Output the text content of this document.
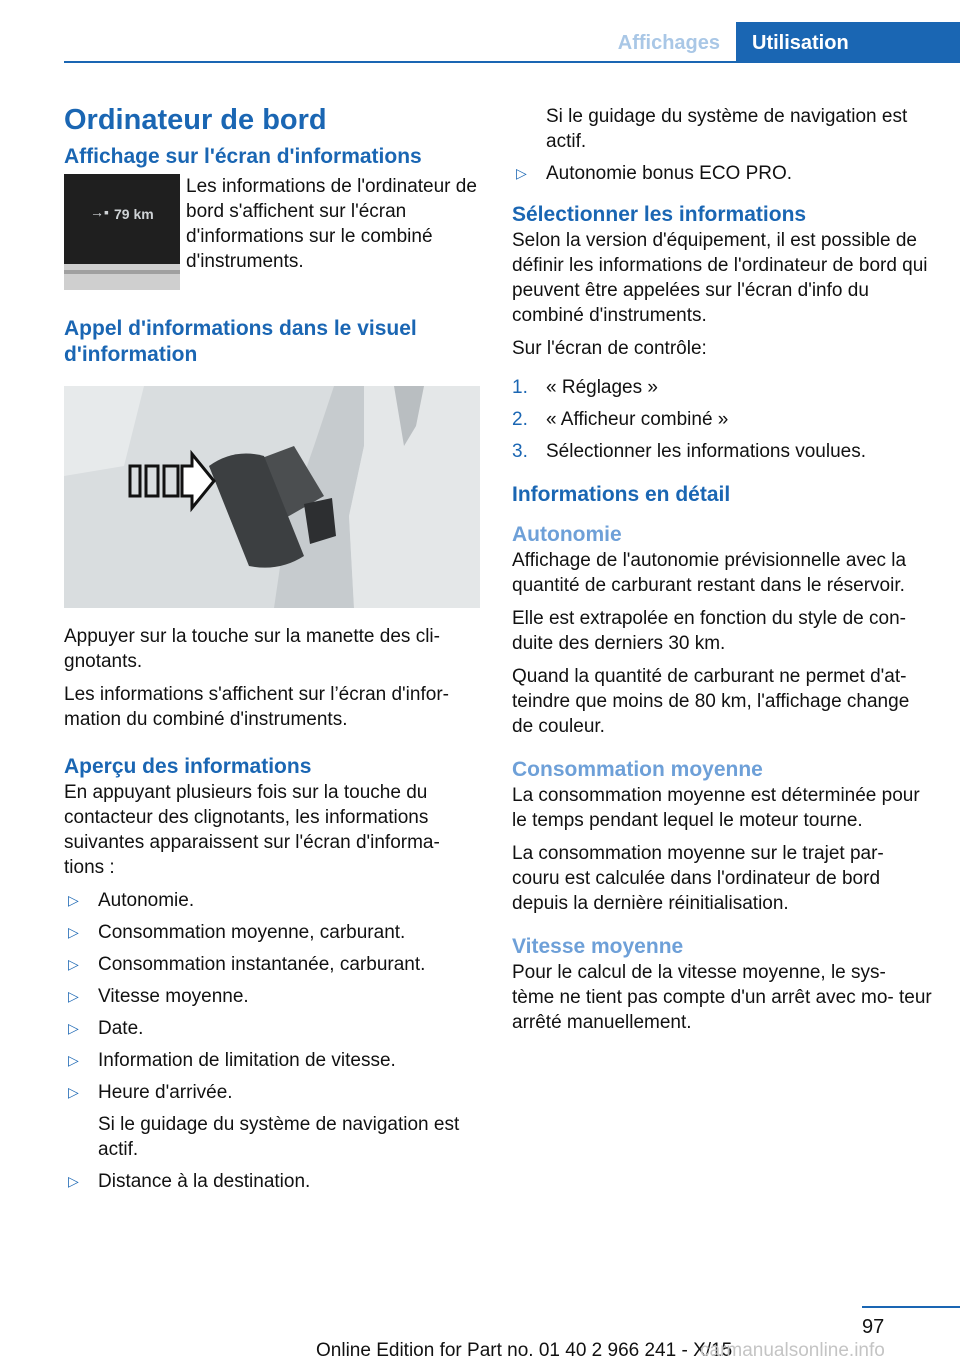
Affichages	Utilisation
Ordinateur de bord
Affichage sur l'écran d'informations
→▪ 79 km
Les informations de l'ordinateur de bord s'affichent sur l'écran d'informations sur le combiné d'instruments.
Appel d'informations dans le visuel d'information

Appuyer sur la touche sur la manette des cli‐ gnotants.

Les informations s'affichent sur l’écran d'infor‐ mation du combiné d'instruments.

Aperçu des informations

En appuyant plusieurs fois sur la touche du contacteur des clignotants, les informations suivantes apparaissent sur l'écran d'informa‐ tions :

▷ Autonomie.
▷ Consommation moyenne, carburant.
▷ Consommation instantanée, carburant.
▷ Vitesse moyenne.
▷ Date.
▷ Information de limitation de vitesse.
▷ Heure d'arrivée.
Si le guidage du système de navigation est actif.
▷ Distance à la destination.
Si le guidage du système de navigation est actif.
▷ Autonomie bonus ECO PRO.
Sélectionner les informations

Selon la version d'équipement, il est possible de définir les informations de l'ordinateur de bord qui peuvent être appelées sur l'écran d'info du combiné d'instruments.

Sur l'écran de contrôle:

1. « Réglages »
2. « Afficheur combiné »
3. Sélectionner les informations voulues.
Informations en détail
Autonomie

Affichage de l'autonomie prévisionnelle avec la quantité de carburant restant dans le réservoir.

Elle est extrapolée en fonction du style de con‐ duite des derniers 30 km.

Quand la quantité de carburant ne permet d'at‐ teindre que moins de 80 km, l'affichage change de couleur.

Consommation moyenne

La consommation moyenne est déterminée pour le temps pendant lequel le moteur tourne.

La consommation moyenne sur le trajet par‐ couru est calculée dans l'ordinateur de bord depuis la dernière réinitialisation.

Vitesse moyenne

Pour le calcul de la vitesse moyenne, le sys‐ tème ne tient pas compte d'un arrêt avec mo‐ teur arrêté manuellement.

97
Online Edition for Part no. 01 40 2 966 241 - X/15
carmanualsonline.info
